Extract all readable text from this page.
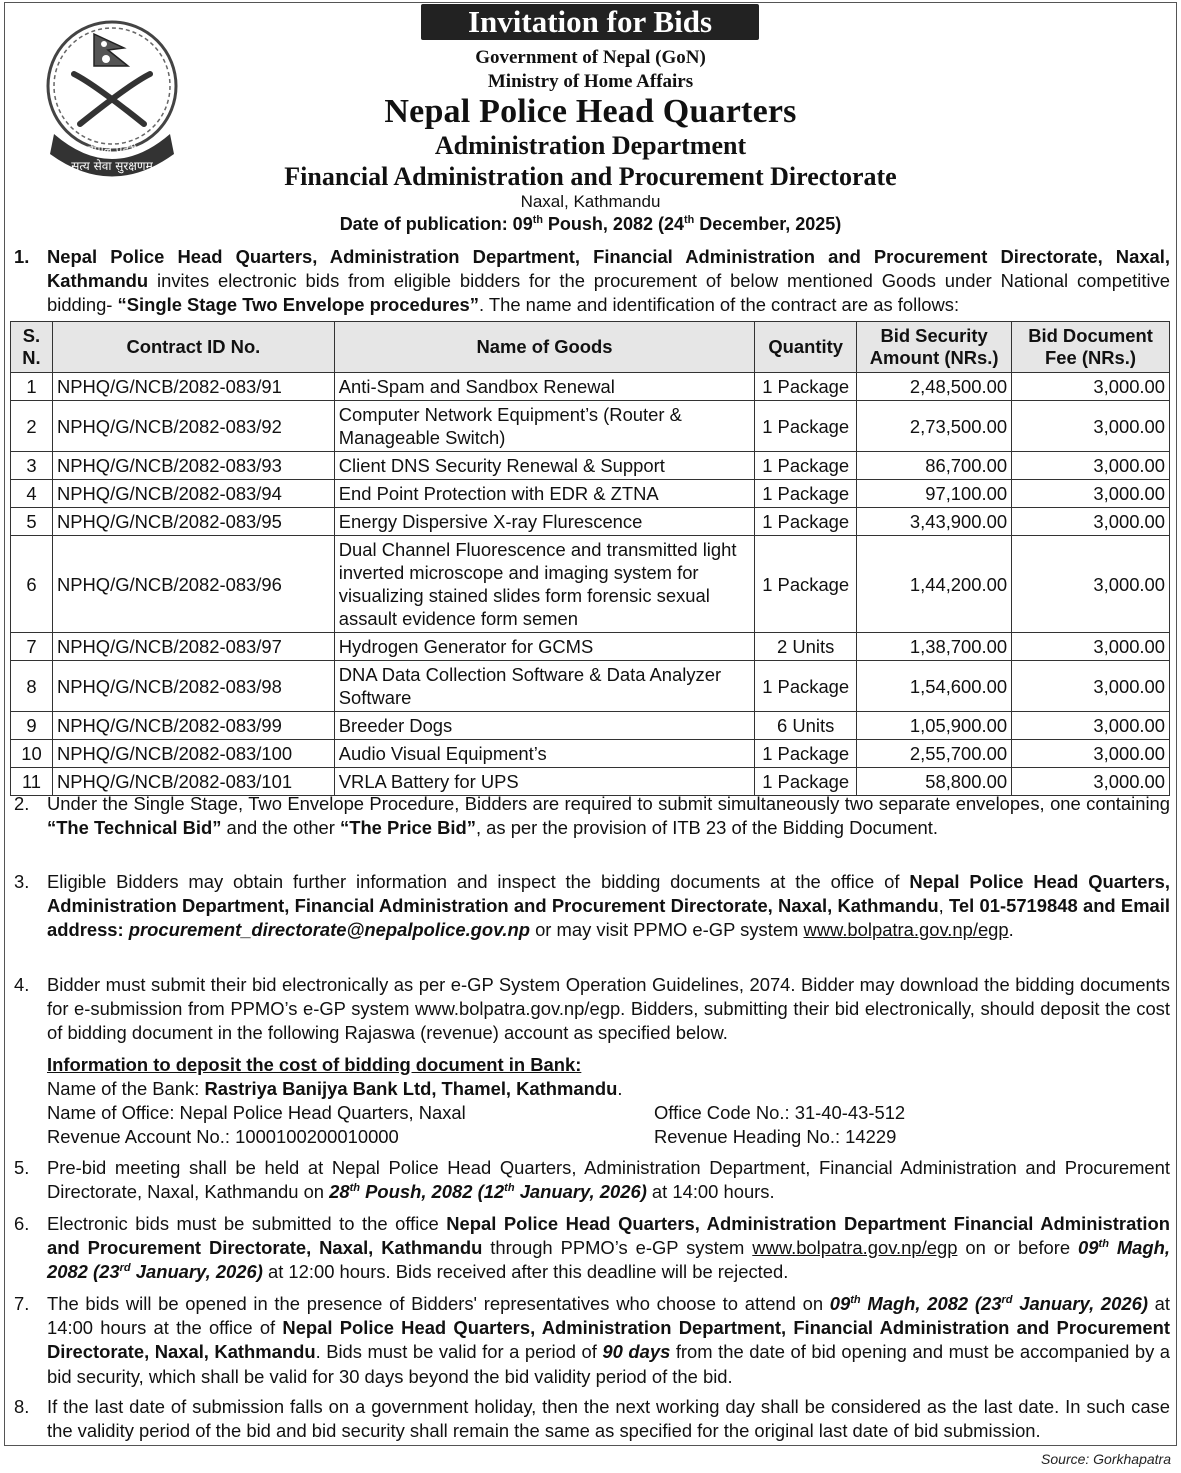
नेपाल प्रहरी
सत्य सेवा सुरक्षणम्
Invitation for Bids
Government of Nepal (GoN)
Ministry of Home Affairs
Nepal Police Head Quarters
Administration Department
Financial Administration and Procurement Directorate
Naxal, Kathmandu
Date of publication: 09th Poush, 2082 (24th December, 2025)
1. Nepal Police Head Quarters, Administration Department, Financial Administration and Procurement Directorate, Naxal, Kathmandu invites electronic bids from eligible bidders for the procurement of below mentioned Goods under National competitive bidding- “Single Stage Two Envelope procedures”. The name and identification of the contract are as follows:
S. N.	Contract ID No.	Name of Goods	Quantity	Bid Security Amount (NRs.)	Bid Document Fee (NRs.)
1	NPHQ/G/NCB/2082-083/91	Anti-Spam and Sandbox Renewal	1 Package	2,48,500.00	3,000.00
2	NPHQ/G/NCB/2082-083/92	Computer Network Equipment’s (Router & Manageable Switch)	1 Package	2,73,500.00	3,000.00
3	NPHQ/G/NCB/2082-083/93	Client DNS Security Renewal & Support	1 Package	86,700.00	3,000.00
4	NPHQ/G/NCB/2082-083/94	End Point Protection with EDR & ZTNA	1 Package	97,100.00	3,000.00
5	NPHQ/G/NCB/2082-083/95	Energy Dispersive X-ray Flurescence	1 Package	3,43,900.00	3,000.00
6	NPHQ/G/NCB/2082-083/96	Dual Channel Fluorescence and transmitted light inverted microscope and imaging system for visualizing stained slides form forensic sexual assault evidence form semen	1 Package	1,44,200.00	3,000.00
7	NPHQ/G/NCB/2082-083/97	Hydrogen Generator for GCMS	2 Units	1,38,700.00	3,000.00
8	NPHQ/G/NCB/2082-083/98	DNA Data Collection Software & Data Analyzer Software	1 Package	1,54,600.00	3,000.00
9	NPHQ/G/NCB/2082-083/99	Breeder Dogs	6 Units	1,05,900.00	3,000.00
10	NPHQ/G/NCB/2082-083/100	Audio Visual Equipment’s	1 Package	2,55,700.00	3,000.00
11	NPHQ/G/NCB/2082-083/101	VRLA Battery for UPS	1 Package	58,800.00	3,000.00
2. Under the Single Stage, Two Envelope Procedure, Bidders are required to submit simultaneously two separate envelopes, one containing “The Technical Bid” and the other “The Price Bid”, as per the provision of ITB 23 of the Bidding Document.
3. Eligible Bidders may obtain further information and inspect the bidding documents at the office of Nepal Police Head Quarters, Administration Department, Financial Administration and Procurement Directorate, Naxal, Kathmandu, Tel 01-5719848 and Email address: procurement_directorate@nepalpolice.gov.np or may visit PPMO e-GP system www.bolpatra.gov.np/egp.
4. Bidder must submit their bid electronically as per e-GP System Operation Guidelines, 2074. Bidder may download the bidding documents for e-submission from PPMO’s e-GP system www.bolpatra.gov.np/egp. Bidders, submitting their bid electronically, should deposit the cost of bidding document in the following Rajaswa (revenue) account as specified below.
Information to deposit the cost of bidding document in Bank:
Name of the Bank: Rastriya Banijya Bank Ltd, Thamel, Kathmandu.
Name of Office: Nepal Police Head Quarters, Naxal
Revenue Account No.: 1000100200010000
Office Code No.: 31-40-43-512
Revenue Heading No.: 14229
5. Pre-bid meeting shall be held at Nepal Police Head Quarters, Administration Department, Financial Administration and Procurement Directorate, Naxal, Kathmandu on 28th Poush, 2082 (12th January, 2026) at 14:00 hours.
6. Electronic bids must be submitted to the office Nepal Police Head Quarters, Administration Department Financial Administration and Procurement Directorate, Naxal, Kathmandu through PPMO’s e-GP system www.bolpatra.gov.np/egp on or before 09th Magh, 2082 (23rd January, 2026) at 12:00 hours. Bids received after this deadline will be rejected.
7. The bids will be opened in the presence of Bidders' representatives who choose to attend on 09th Magh, 2082 (23rd January, 2026) at 14:00 hours at the office of Nepal Police Head Quarters, Administration Department, Financial Administration and Procurement Directorate, Naxal, Kathmandu. Bids must be valid for a period of 90 days from the date of bid opening and must be accompanied by a bid security, which shall be valid for 30 days beyond the bid validity period of the bid.
8. If the last date of submission falls on a government holiday, then the next working day shall be considered as the last date. In such case the validity period of the bid and bid security shall remain the same as specified for the original last date of bid submission.
Source: Gorkhapatra
